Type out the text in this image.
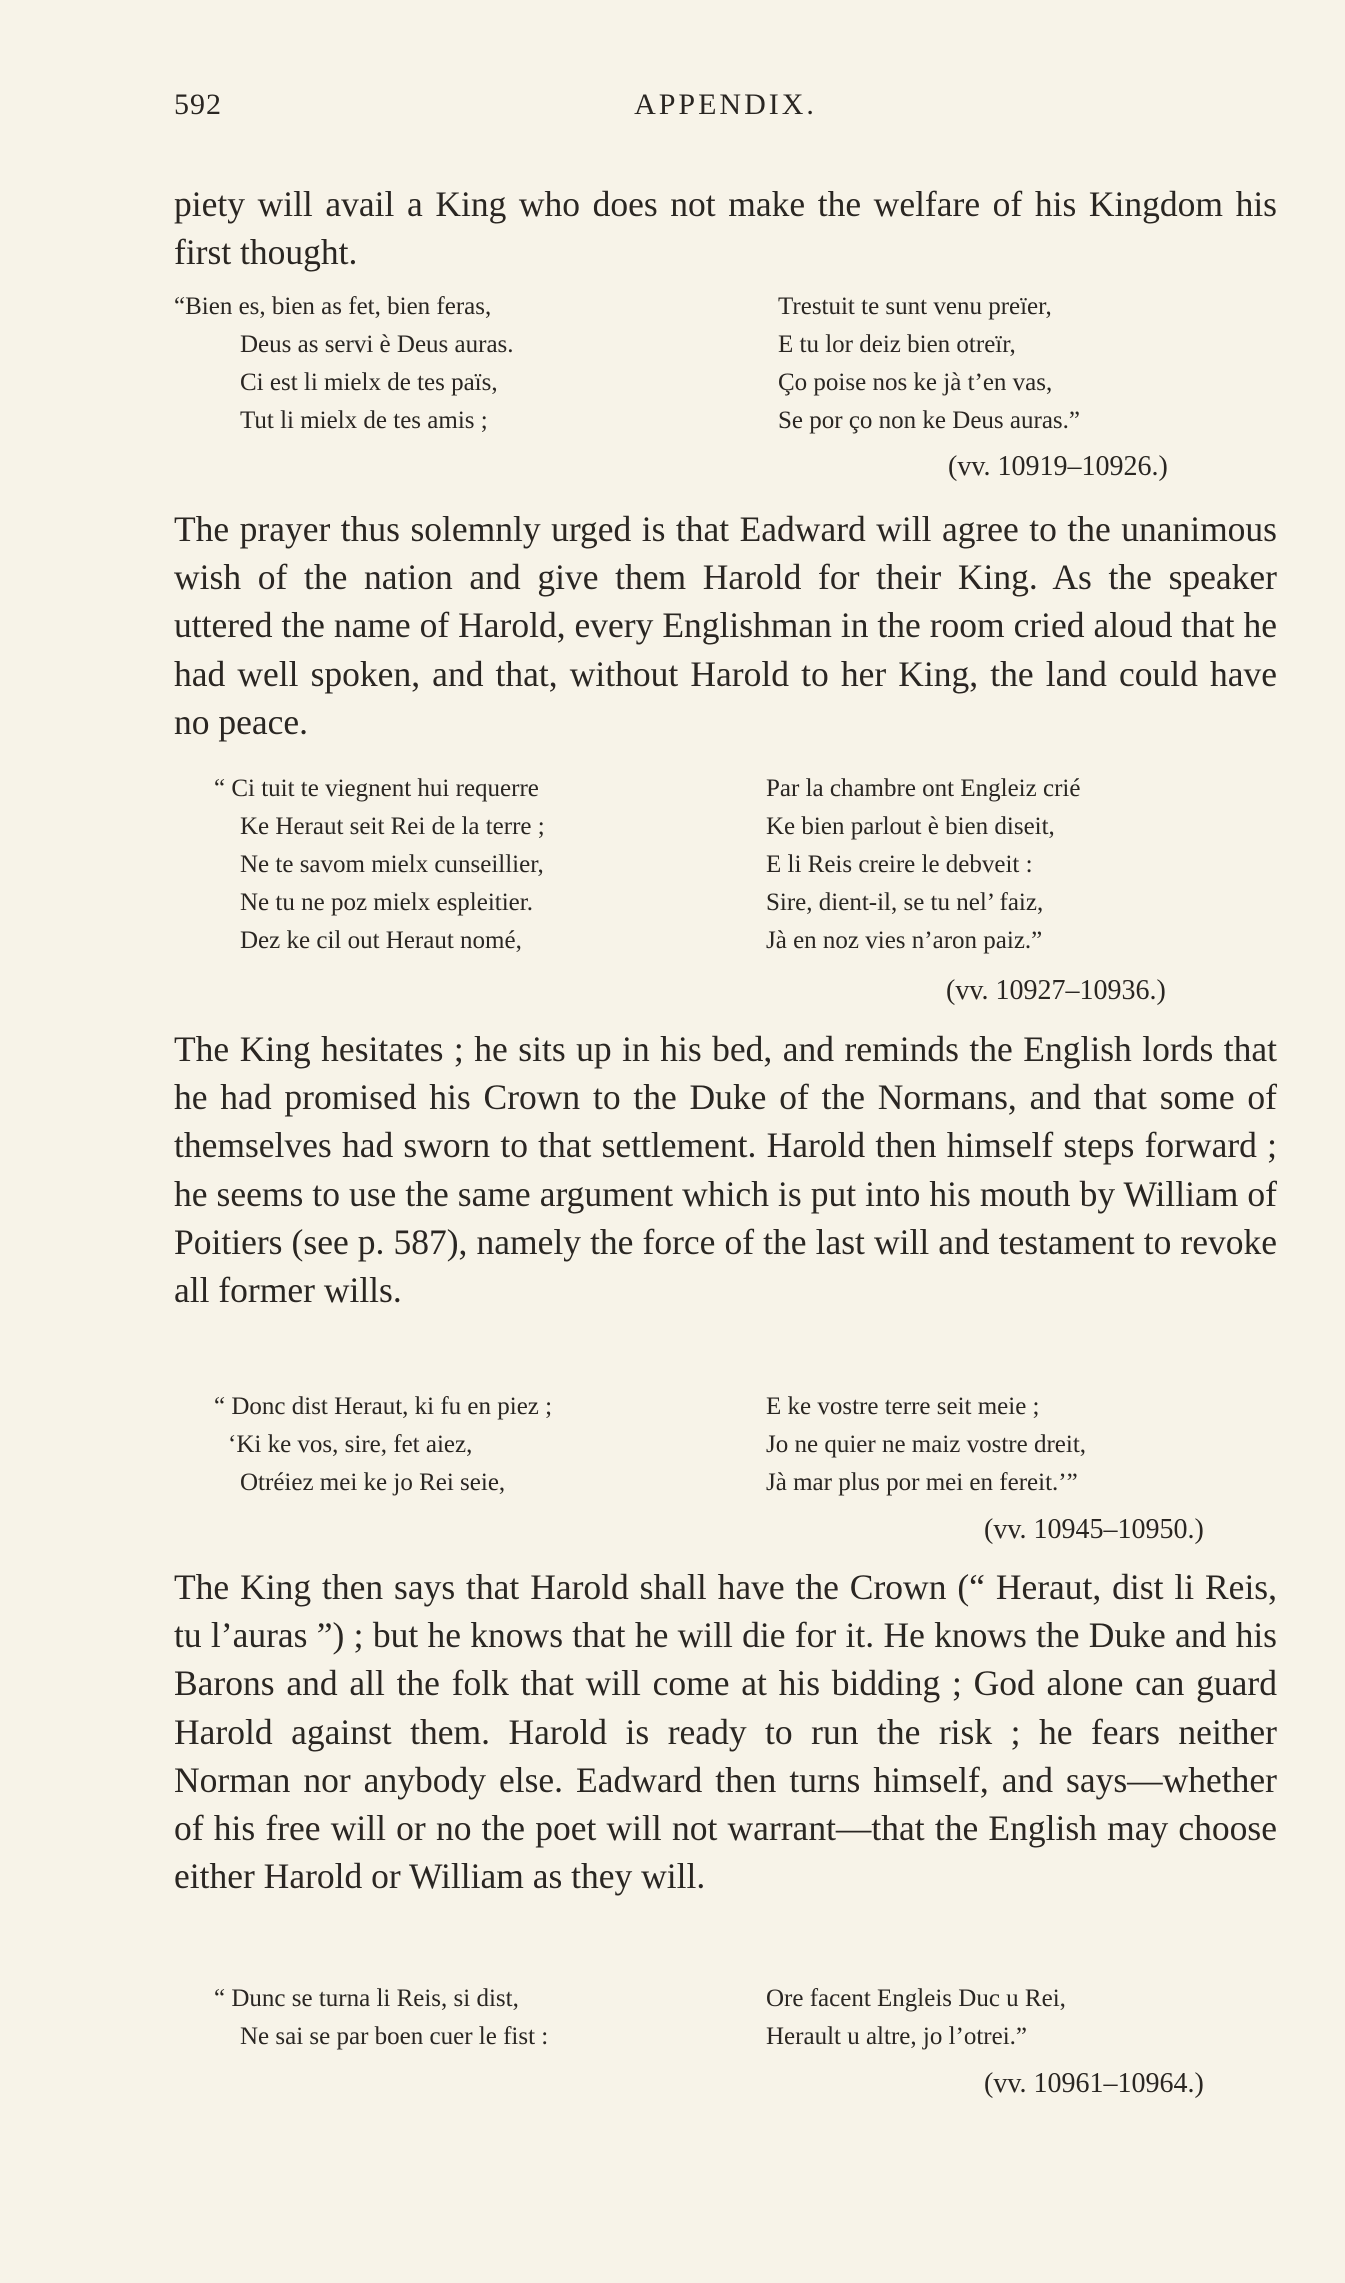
592	APPENDIX.

piety will avail a King who does not make the welfare of his Kingdom his first thought.

“Bien es, bien as fet, bien feras,
Deus as servi è Deus auras.
Ci est li mielx de tes païs,
Tut li mielx de tes amis ;
Trestuit te sunt venu preïer,
E tu lor deiz bien otreïr,
Ço poise nos ke jà t’en vas,
Se por ço non ke Deus auras.”
(vv. 10919–10926.)

The prayer thus solemnly urged is that Eadward will agree to the unanimous wish of the nation and give them Harold for their King. As the speaker uttered the name of Harold, every Englishman in the room cried aloud that he had well spoken, and that, without Harold to her King, the land could have no peace.

“ Ci tuit te viegnent hui requerre
Ke Heraut seit Rei de la terre ;
Ne te savom mielx cunseillier,
Ne tu ne poz mielx espleitier.
Dez ke cil out Heraut nomé,
Par la chambre ont Engleiz crié
Ke bien parlout è bien diseit,
E li Reis creire le debveit :
Sire, dient-il, se tu nel’ faiz,
Jà en noz vies n’aron paiz.”
(vv. 10927–10936.)

The King hesitates ; he sits up in his bed, and reminds the English lords that he had promised his Crown to the Duke of the Normans, and that some of themselves had sworn to that settlement. Harold then himself steps forward ; he seems to use the same argument which is put into his mouth by William of Poitiers (see p. 587), namely the force of the last will and testament to revoke all former wills.

“ Donc dist Heraut, ki fu en piez ;
‘Ki ke vos, sire, fet aiez,
Otréiez mei ke jo Rei seie,
E ke vostre terre seit meie ;
Jo ne quier ne maiz vostre dreit,
Jà mar plus por mei en fereit.’”
(vv. 10945–10950.)

The King then says that Harold shall have the Crown (“ Heraut, dist li Reis, tu l’auras ”) ; but he knows that he will die for it. He knows the Duke and his Barons and all the folk that will come at his bidding ; God alone can guard Harold against them. Harold is ready to run the risk ; he fears neither Norman nor anybody else. Eadward then turns himself, and says—whether of his free will or no the poet will not warrant—that the English may choose either Harold or William as they will.

“ Dunc se turna li Reis, si dist,
Ne sai se par boen cuer le fist :
Ore facent Engleis Duc u Rei,
Herault u altre, jo l’otrei.”
(vv. 10961–10964.)
